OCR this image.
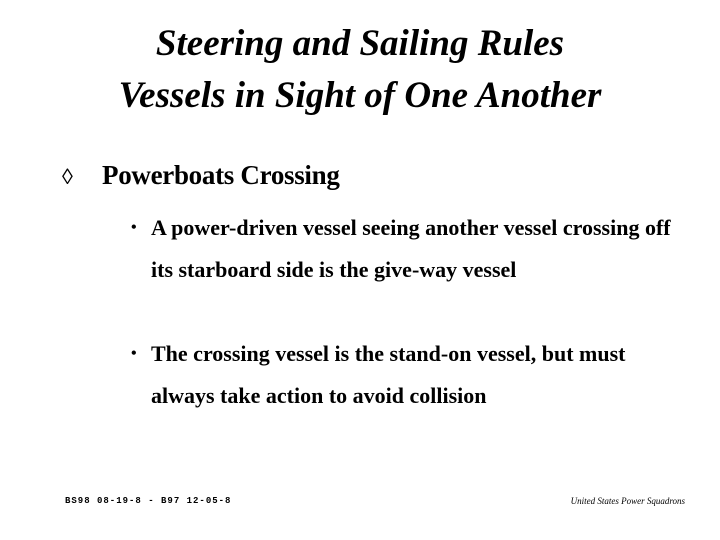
Steering and Sailing Rules
Vessels in Sight of One Another
◊ Powerboats Crossing
• A power-driven vessel seeing another vessel crossing off its starboard side is the give-way vessel
• The crossing vessel is the stand-on vessel, but must always take action to avoid collision
BS98 08-19-8 - B97 12-05-8	United States Power Squadrons
